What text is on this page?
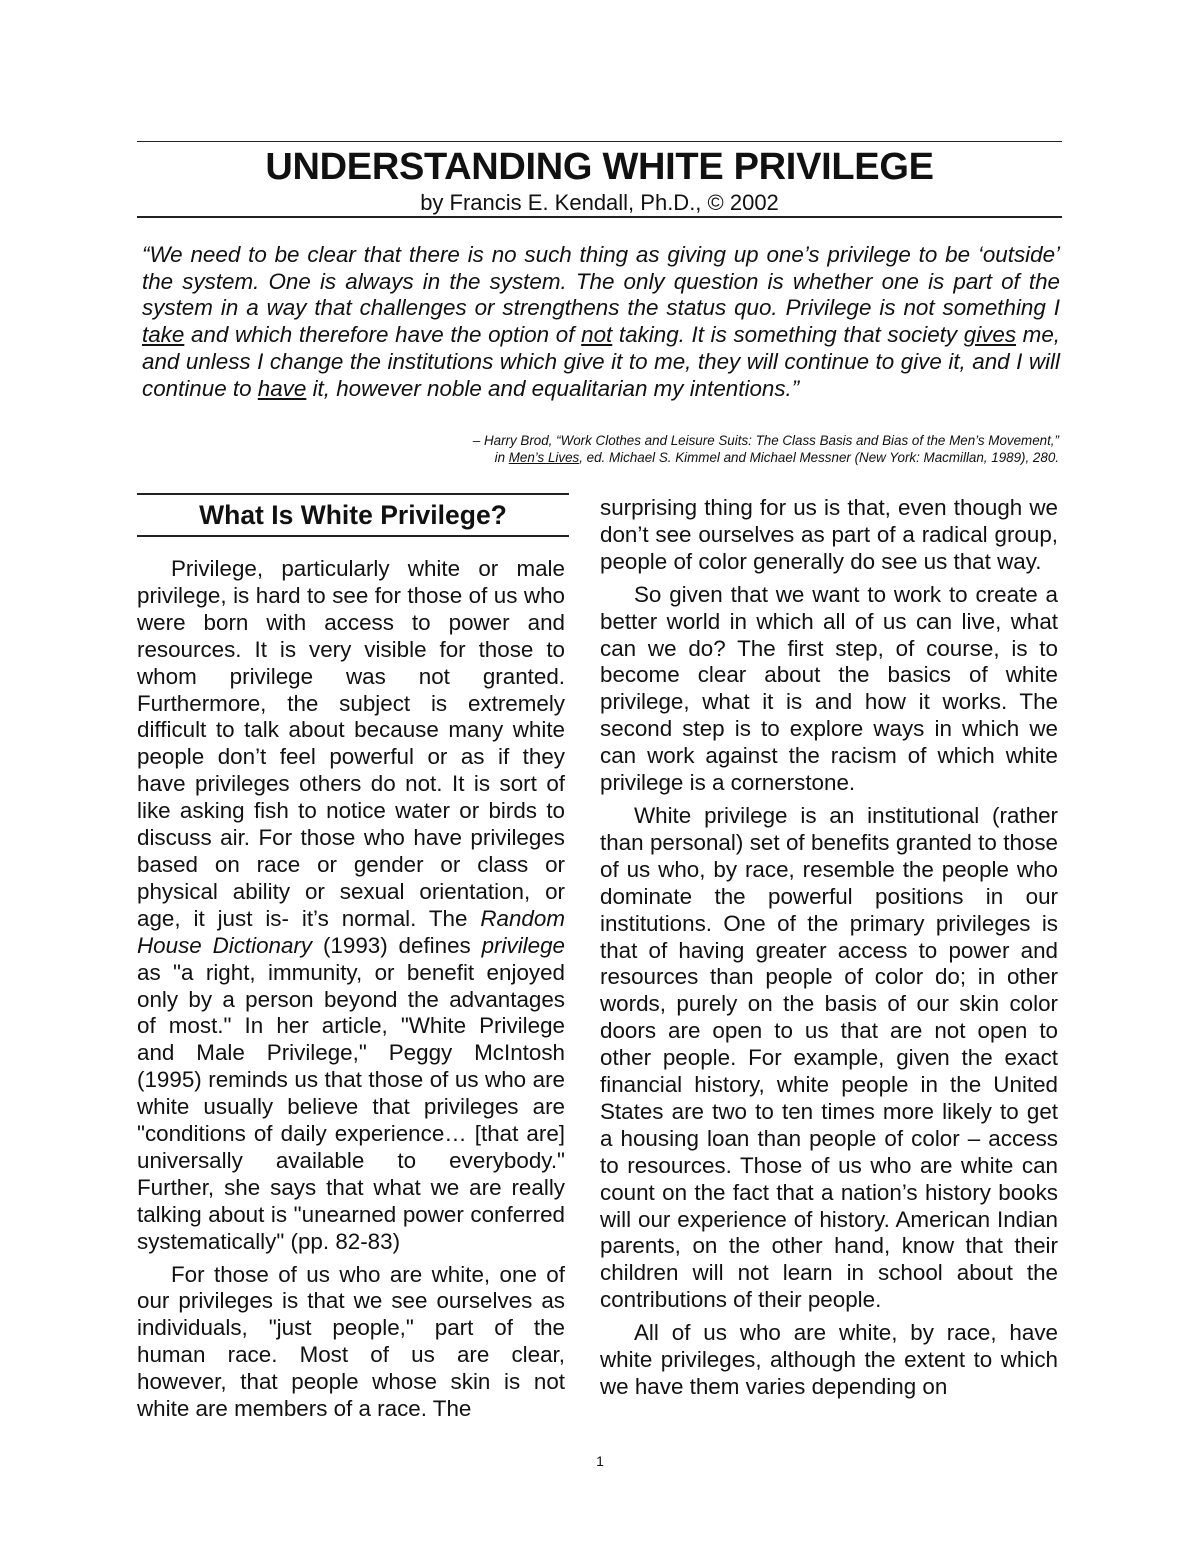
UNDERSTANDING WHITE PRIVILEGE
by Francis E. Kendall, Ph.D., © 2002
“We need to be clear that there is no such thing as giving up one’s privilege to be ‘outside’ the system. One is always in the system. The only question is whether one is part of the system in a way that challenges or strengthens the status quo. Privilege is not something I take and which therefore have the option of not taking. It is something that society gives me, and unless I change the institutions which give it to me, they will continue to give it, and I will continue to have it, however noble and equalitarian my intentions.”
– Harry Brod, “Work Clothes and Leisure Suits: The Class Basis and Bias of the Men’s Movement,”
in Men’s Lives, ed. Michael S. Kimmel and Michael Messner (New York: Macmillan, 1989), 280.
What Is White Privilege?

Privilege, particularly white or male privilege, is hard to see for those of us who were born with access to power and resources. It is very visible for those to whom privilege was not granted. Furthermore, the subject is extremely difficult to talk about because many white people don’t feel powerful or as if they have privileges others do not. It is sort of like asking fish to notice water or birds to discuss air. For those who have privileges based on race or gender or class or physical ability or sexual orientation, or age, it just is- it’s normal. The Random House Dictionary (1993) defines privilege as "a right, immunity, or benefit enjoyed only by a person beyond the advantages of most." In her article, "White Privilege and Male Privilege," Peggy McIntosh (1995) reminds us that those of us who are white usually believe that privileges are "conditions of daily experience… [that are] universally available to everybody." Further, she says that what we are really talking about is "unearned power conferred systematically" (pp. 82-83)

For those of us who are white, one of our privileges is that we see ourselves as individuals, "just people," part of the human race. Most of us are clear, however, that people whose skin is not white are members of a race. The

surprising thing for us is that, even though we don’t see ourselves as part of a radical group, people of color generally do see us that way.

So given that we want to work to create a better world in which all of us can live, what can we do? The first step, of course, is to become clear about the basics of white privilege, what it is and how it works. The second step is to explore ways in which we can work against the racism of which white privilege is a cornerstone.

White privilege is an institutional (rather than personal) set of benefits granted to those of us who, by race, resemble the people who dominate the powerful positions in our institutions. One of the primary privileges is that of having greater access to power and resources than people of color do; in other words, purely on the basis of our skin color doors are open to us that are not open to other people. For example, given the exact financial history, white people in the United States are two to ten times more likely to get a housing loan than people of color – access to resources. Those of us who are white can count on the fact that a nation’s history books will our experience of history. American Indian parents, on the other hand, know that their children will not learn in school about the contributions of their people.

All of us who are white, by race, have white privileges, although the extent to which we have them varies depending on

1
